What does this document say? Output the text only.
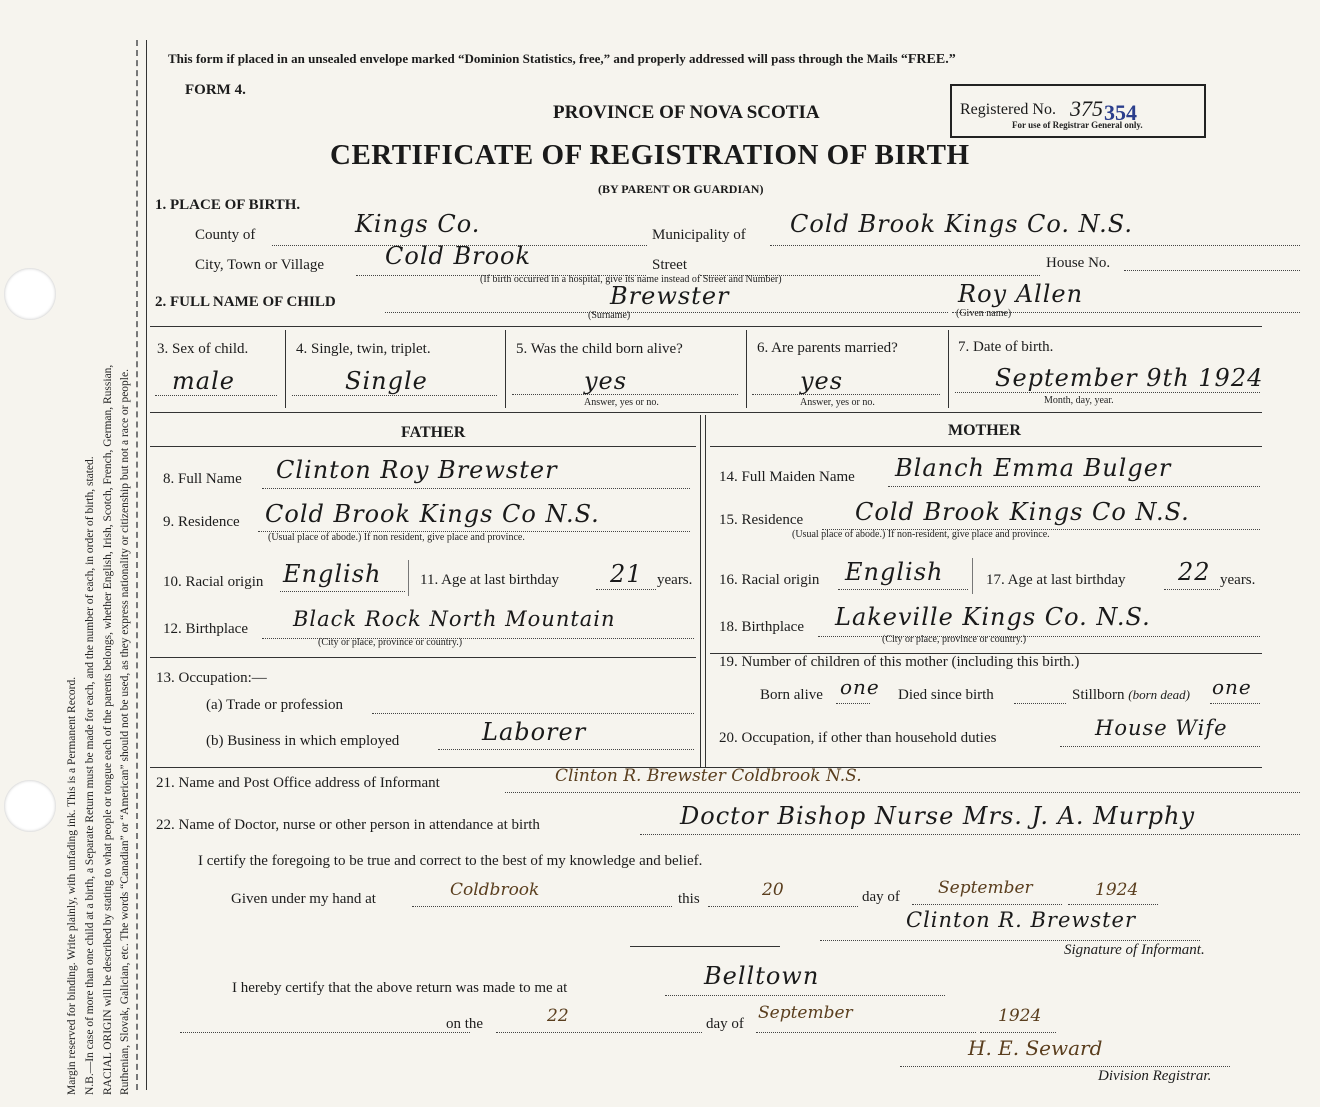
Margin reserved for binding. Write plainly, with unfading ink. This is a Permanent Record. N.B.—In case of more than one child at a birth, a Separate Return must be made for each, and the number of each, in order of birth, stated. RACIAL ORIGIN will be described by stating to what people or tongue each of the parents belongs, whether English, Irish, Scotch, French, German, Russian, Ruthenian, Slovak, Galician, etc. The words “Canadian” or “American” should not be used, as they express nationality or citizenship but not a race or people.
This form if placed in an unsealed envelope marked “Dominion Statistics, free,” and properly addressed will pass through the Mails “FREE.”
FORM 4.
PROVINCE OF NOVA SCOTIA
CERTIFICATE OF REGISTRATION OF BIRTH
(BY PARENT OR GUARDIAN)
Registered No. 375 354
For use of Registrar General only.
1. PLACE OF BIRTH.
County of	Kings Co.	Municipality of Cold Brook Kings Co. N.S.
City, Town or Village	Cold Brook	Street	House No.
(If birth occurred in a hospital, give its name instead of Street and Number)
2. FULL NAME OF CHILD	Brewster
(Surname)
Roy Allen
(Given name)
3. Sex of child.
male
4. Single, twin, triplet.
Single
5. Was the child born alive?
yes
Answer, yes or no.
6. Are parents married?
yes
Answer, yes or no.
7. Date of birth.
September 9th 1924
Month, day, year.
FATHER	MOTHER
8. Full Name Clinton Roy Brewster
9. Residence Cold Brook Kings Co N.S.
(Usual place of abode.) If non resident, give place and province.
10. Racial origin English	11. Age at last birthday 21 years.
12. Birthplace Black Rock North Mountain
(City or place, province or country.)
13. Occupation:—
(a) Trade or profession
(b) Business in which employed	Laborer
14. Full Maiden Name Blanch Emma Bulger
15. Residence Cold Brook Kings Co N.S.
(Usual place of abode.) If non-resident, give place and province.
16. Racial origin English	17. Age at last birthday 22 years.
18. Birthplace Lakeville Kings Co. N.S.
(City or place, province or country.)
19. Number of children of this mother (including this birth.)
Born alive one Died since birth	Stillborn (born dead) one
20. Occupation, if other than household duties	House Wife
21. Name and Post Office address of Informant	Clinton R. Brewster Coldbrook N.S.
22. Name of Doctor, nurse or other person in attendance at birth	Doctor Bishop Nurse Mrs. J. A. Murphy
I certify the foregoing to be true and correct to the best of my knowledge and belief.
Given under my hand at	Coldbrook	this	20	day of September	1924
Clinton R. Brewster
Signature of Informant.
I hereby certify that the above return was made to me at	Belltown
on the	22	day of
September	1924
H. E. Seward
Division Registrar.
